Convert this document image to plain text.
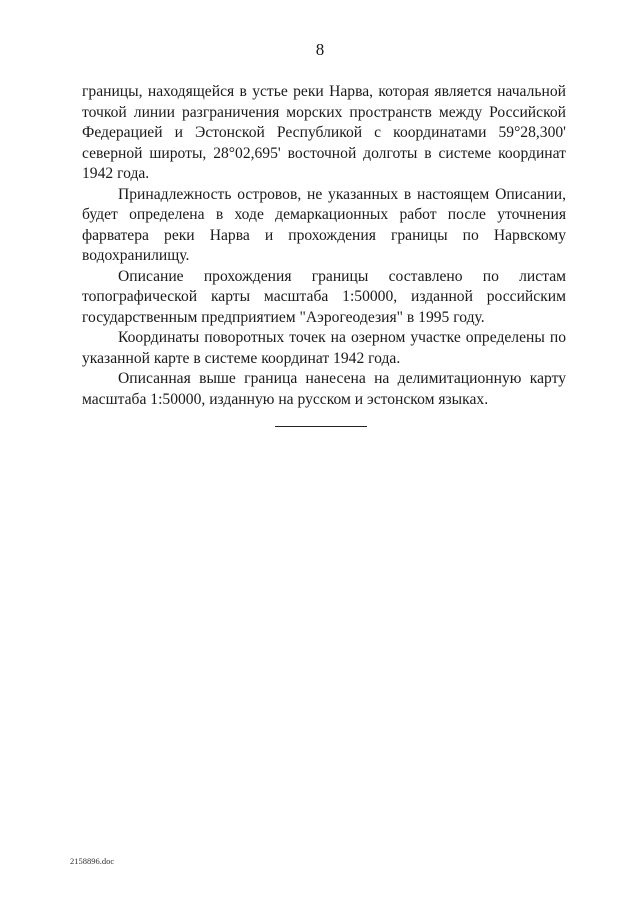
8

границы, находящейся в устье реки Нарва, которая является начальной точкой линии разграничения морских пространств между Российской Федерацией и Эстонской Республикой с координатами 59°28,300' северной широты, 28°02,695' восточной долготы в системе координат 1942 года.

Принадлежность островов, не указанных в настоящем Описании, будет определена в ходе демаркационных работ после уточнения фарватера реки Нарва и прохождения границы по Нарвскому водохранилищу.

Описание прохождения границы составлено по листам топографической карты масштаба 1:50000, изданной российским государственным предприятием "Аэрогеодезия" в 1995 году.

Координаты поворотных точек на озерном участке определены по указанной карте в системе координат 1942 года.

Описанная выше граница нанесена на делимитационную карту масштаба 1:50000, изданную на русском и эстонском языках.

2158896.doc
